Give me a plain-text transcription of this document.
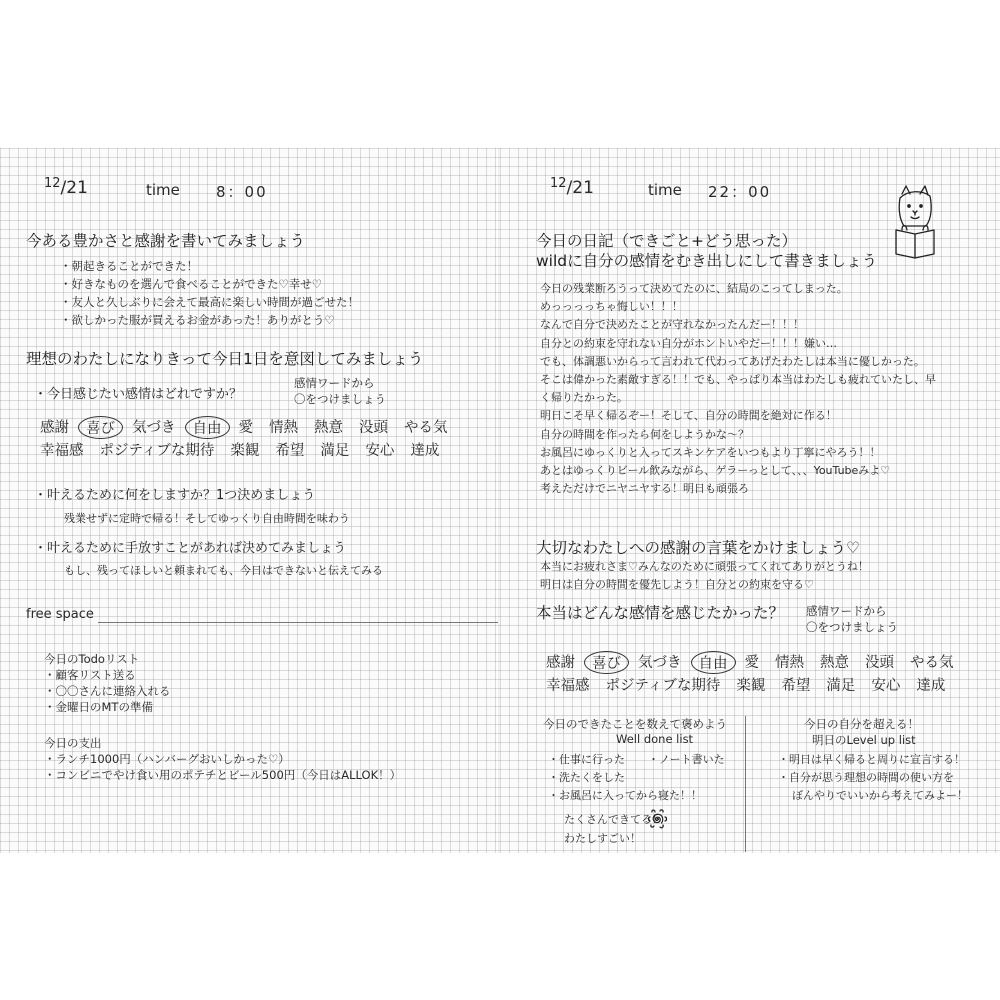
$^{12}$/21	time 8：00
今ある豊かさと感謝を書いてみましょう
・朝起きることができた！
・好きなものを選んで食べることができた♡幸せ♡
・友人と久しぶりに会えて最高に楽しい時間が過ごせた！
・欲しかった服が買えるお金があった！ありがとう♡
理想のわたしになりきって今日1日を意図してみましょう
・今日感じたい感情はどれですか？
感情ワードから
〇をつけましょう
感謝	喜び	気づき	自由	愛	情熱	熱意	没頭	やる気
幸福感	ポジティブな期待	楽観	希望	満足	安心	達成
・叶えるために何をしますか？1つ決めましょう
残業せずに定時で帰る！そしてゆっくり自由時間を味わう
・叶えるために手放すことがあれば決めてみましょう
もし、残ってほしいと頼まれても、今日はできないと伝えてみる
free space
今日のTodoリスト
・顧客リスト送る
・〇〇さんに連絡入れる
・金曜日のMTの準備
今日の支出
・ランチ1000円（ハンバーグおいしかった♡）
・コンビニでやけ食い用のポテチとビール500円（今日はALLOK！）
$^{12}$/21	time 22：00
今日の日記（できごと+どう思った）
wildに自分の感情をむき出しにして書きましょう
今日の残業断ろうって決めてたのに、結局のこってしまった。
めっっっっちゃ悔しい！！！
なんで自分で決めたことが守れなかったんだー！！！
自分との約束を守れない自分がホントいやだー！！！嫌い…
でも、体調悪いからって言われて代わってあげたわたしは本当に優しかった。
そこは偉かった素敵すぎる！！でも、やっぱり本当はわたしも疲れていたし、早
く帰りたかった。
明日こそ早く帰るぞー！そして、自分の時間を絶対に作る！
自分の時間を作ったら何をしようかな～？
お風呂にゆっくりと入ってスキンケアをいつもより丁寧にやろう！！
あとはゆっくりビール飲みながら、ゲラーっとして、、、YouTubeみよ♡
考えただけでニヤニヤする！明日も頑張ろ
大切なわたしへの感謝の言葉をかけましょう♡
本当にお疲れさま♡みんなのために頑張ってくれてありがとうね！
明日は自分の時間を優先しよう！自分との約束を守る♡
本当はどんな感情を感じたかった？ 感情ワードから
〇をつけましょう
感謝	喜び	気づき	自由	愛	情熱	熱意	没頭	やる気
幸福感	ポジティブな期待	楽観	希望	満足	安心	達成
今日のできたことを数えて褒めよう
Well done list
・仕事に行った
・洗たくをした
・お風呂に入ってから寝た！！
・ノート書いた
たくさんできてる！
わたしすごい！
今日の自分を超える！
明日のLevel up list
・明日は早く帰ると周りに宣言する！
・自分が思う理想の時間の使い方を
ぼんやりでいいから考えてみよー！
